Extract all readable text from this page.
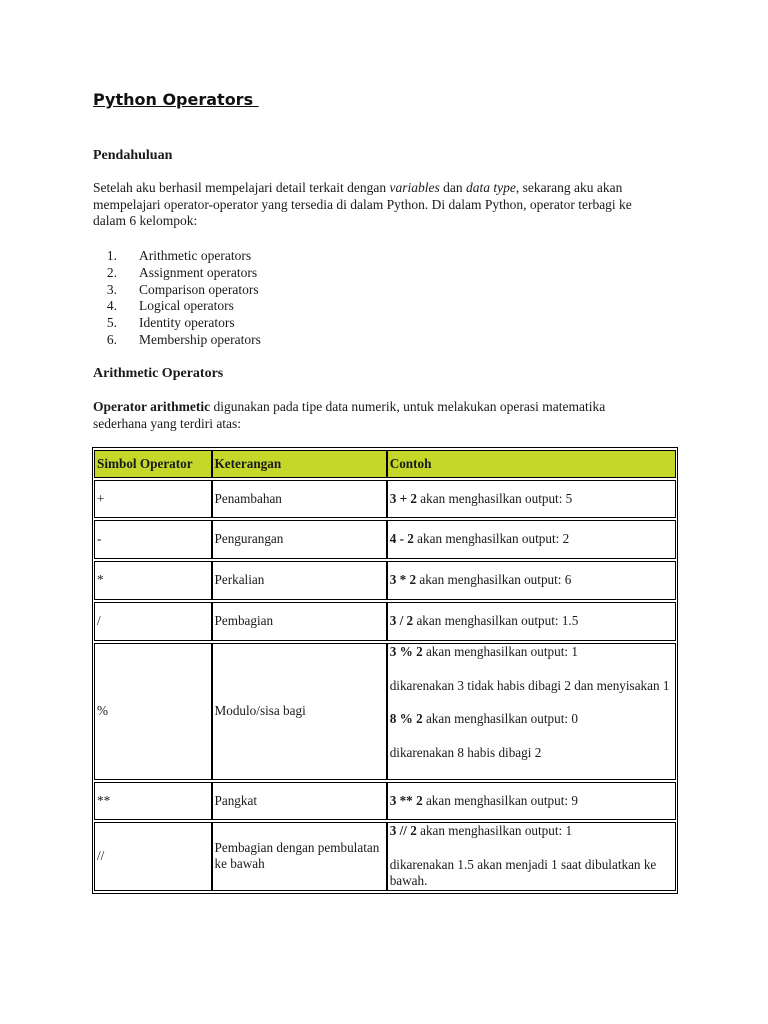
Python Operators
Pendahuluan

Setelah aku berhasil mempelajari detail terkait dengan variables dan data type, sekarang aku akan mempelajari operator-operator yang tersedia di dalam Python. Di dalam Python, operator terbagi ke dalam 6 kelompok:

1. Arithmetic operators
2. Assignment operators
3. Comparison operators
4. Logical operators
5. Identity operators
6. Membership operators
Arithmetic Operators

Operator arithmetic digunakan pada tipe data numerik, untuk melakukan operasi matematika sederhana yang terdiri atas:

Simbol Operator	Keterangan	Contoh
+	Penambahan	3 + 2 akan menghasilkan output: 5
-	Pengurangan	4 - 2 akan menghasilkan output: 2
*	Perkalian	3 * 2 akan menghasilkan output: 6
/	Pembagian	3 / 2 akan menghasilkan output: 1.5
%	Modulo/sisa bagi	3 % 2 akan menghasilkan output: 1

dikarenakan 3 tidak habis dibagi 2 dan menyisakan 1

8 % 2 akan menghasilkan output: 0

dikarenakan 8 habis dibagi 2

**	Pangkat	3 ** 2 akan menghasilkan output: 9
//	Pembagian dengan pembulatan ke bawah	3 // 2 akan menghasilkan output: 1

dikarenakan 1.5 akan menjadi 1 saat dibulatkan ke bawah.
